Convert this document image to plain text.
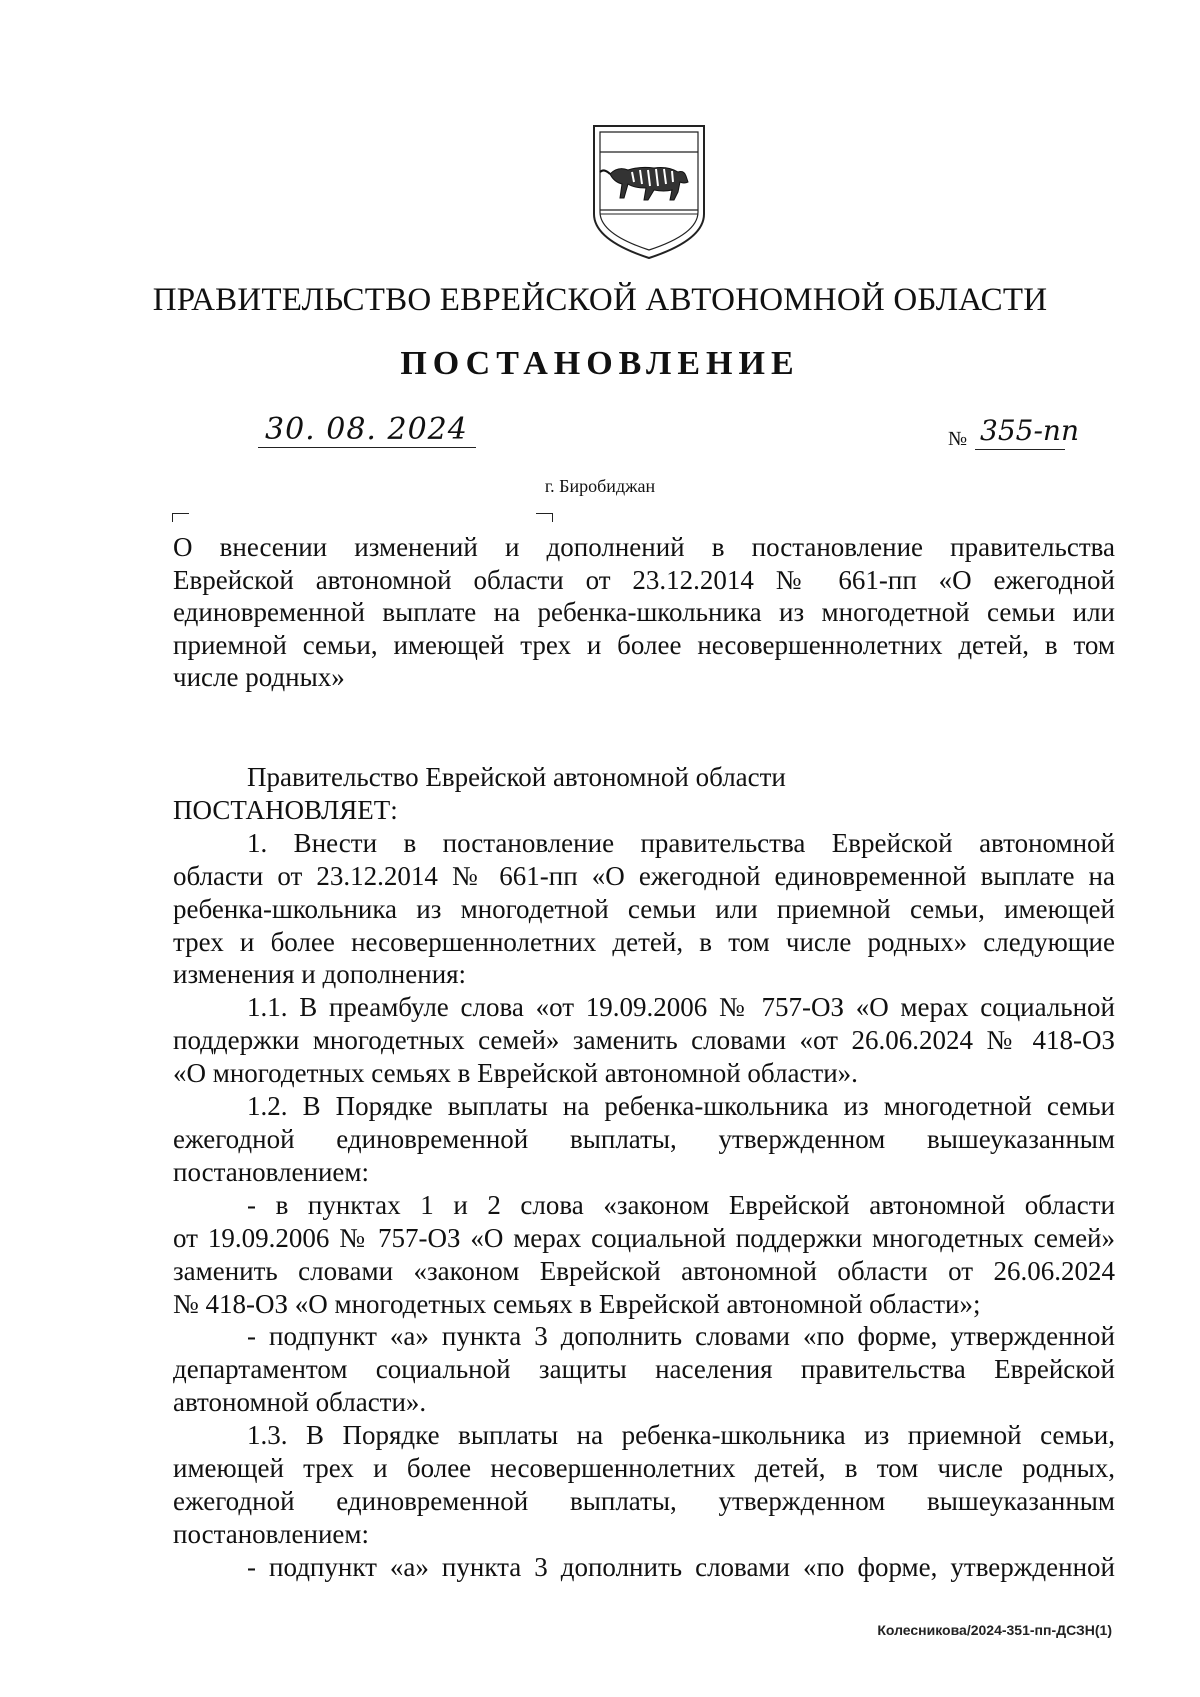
ПРАВИТЕЛЬСТВО ЕВРЕЙСКОЙ АВТОНОМНОЙ ОБЛАСТИ
ПОСТАНОВЛЕНИЕ
30. 08. 2024	№ 355-пп
г. Биробиджан
О внесении изменений и дополнений в постановление правительства
Еврейской автономной области от 23.12.2014 № 661-пп «О ежегодной
единовременной выплате на ребенка-школьника из многодетной семьи или
приемной семьи, имеющей трех и более несовершеннолетних детей, в том
числе родных»
Правительство Еврейской автономной области
ПОСТАНОВЛЯЕТ:
1. Внести в постановление правительства Еврейской автономной
области от 23.12.2014 № 661-пп «О ежегодной единовременной выплате на
ребенка-школьника из многодетной семьи или приемной семьи, имеющей
трех и более несовершеннолетних детей, в том числе родных» следующие
изменения и дополнения:
1.1. В преамбуле слова «от 19.09.2006 № 757-ОЗ «О мерах социальной
поддержки многодетных семей» заменить словами «от 26.06.2024 № 418-ОЗ
«О многодетных семьях в Еврейской автономной области».
1.2. В Порядке выплаты на ребенка-школьника из многодетной семьи
ежегодной единовременной выплаты, утвержденном вышеуказанным
постановлением:
- в пунктах 1 и 2 слова «законом Еврейской автономной области
от 19.09.2006 № 757-ОЗ «О мерах социальной поддержки многодетных семей»
заменить словами «законом Еврейской автономной области от 26.06.2024
№ 418-ОЗ «О многодетных семьях в Еврейской автономной области»;
- подпункт «а» пункта 3 дополнить словами «по форме, утвержденной
департаментом социальной защиты населения правительства Еврейской
автономной области».
1.3. В Порядке выплаты на ребенка-школьника из приемной семьи,
имеющей трех и более несовершеннолетних детей, в том числе родных,
ежегодной единовременной выплаты, утвержденном вышеуказанным
постановлением:
- подпункт «а» пункта 3 дополнить словами «по форме, утвержденной
Колесникова/2024-351-пп-ДСЗН(1)
